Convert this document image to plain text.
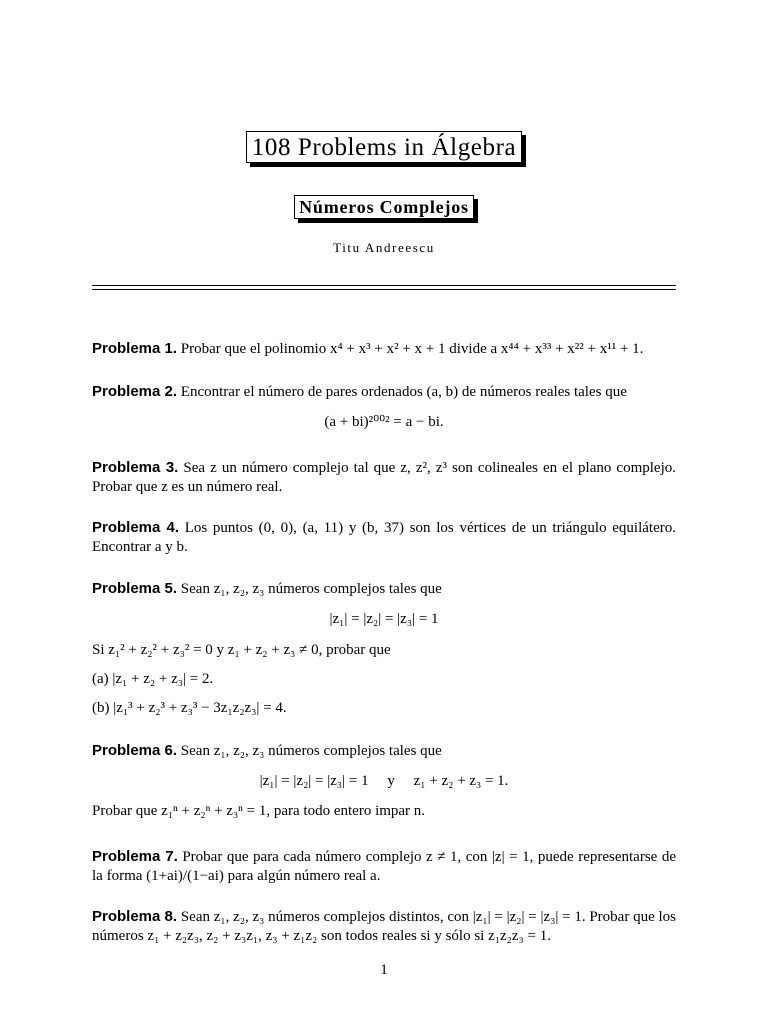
108 Problems in Álgebra
Números Complejos
Titu Andreescu
Problema 1. Probar que el polinomio x⁴ + x³ + x² + x + 1 divide a x⁴⁴ + x³³ + x²² + x¹¹ + 1.
Problema 2. Encontrar el número de pares ordenados (a, b) de números reales tales que
(a + bi)²⁰⁰² = a − bi.
Problema 3. Sea z un número complejo tal que z, z², z³ son colineales en el plano complejo. Probar que z es un número real.
Problema 4. Los puntos (0, 0), (a, 11) y (b, 37) son los vértices de un triángulo equilátero. Encontrar a y b.
Problema 5. Sean z₁, z₂, z₃ números complejos tales que
|z₁| = |z₂| = |z₃| = 1
Si z₁² + z₂² + z₃² = 0 y z₁ + z₂ + z₃ ≠ 0, probar que
(a) |z₁ + z₂ + z₃| = 2.
(b) |z₁³ + z₂³ + z₃³ − 3z₁z₂z₃| = 4.
Problema 6. Sean z₁, z₂, z₃ números complejos tales que
|z₁| = |z₂| = |z₃| = 1     y     z₁ + z₂ + z₃ = 1.
Probar que z₁ⁿ + z₂ⁿ + z₃ⁿ = 1, para todo entero impar n.
Problema 7. Probar que para cada número complejo z ≠ 1, con |z| = 1, puede representarse de la forma (1+ai)/(1−ai) para algún número real a.
Problema 8. Sean z₁, z₂, z₃ números complejos distintos, con |z₁| = |z₂| = |z₃| = 1. Probar que los números z₁ + z₂z₃, z₂ + z₃z₁, z₃ + z₁z₂ son todos reales si y sólo si z₁z₂z₃ = 1.
1
